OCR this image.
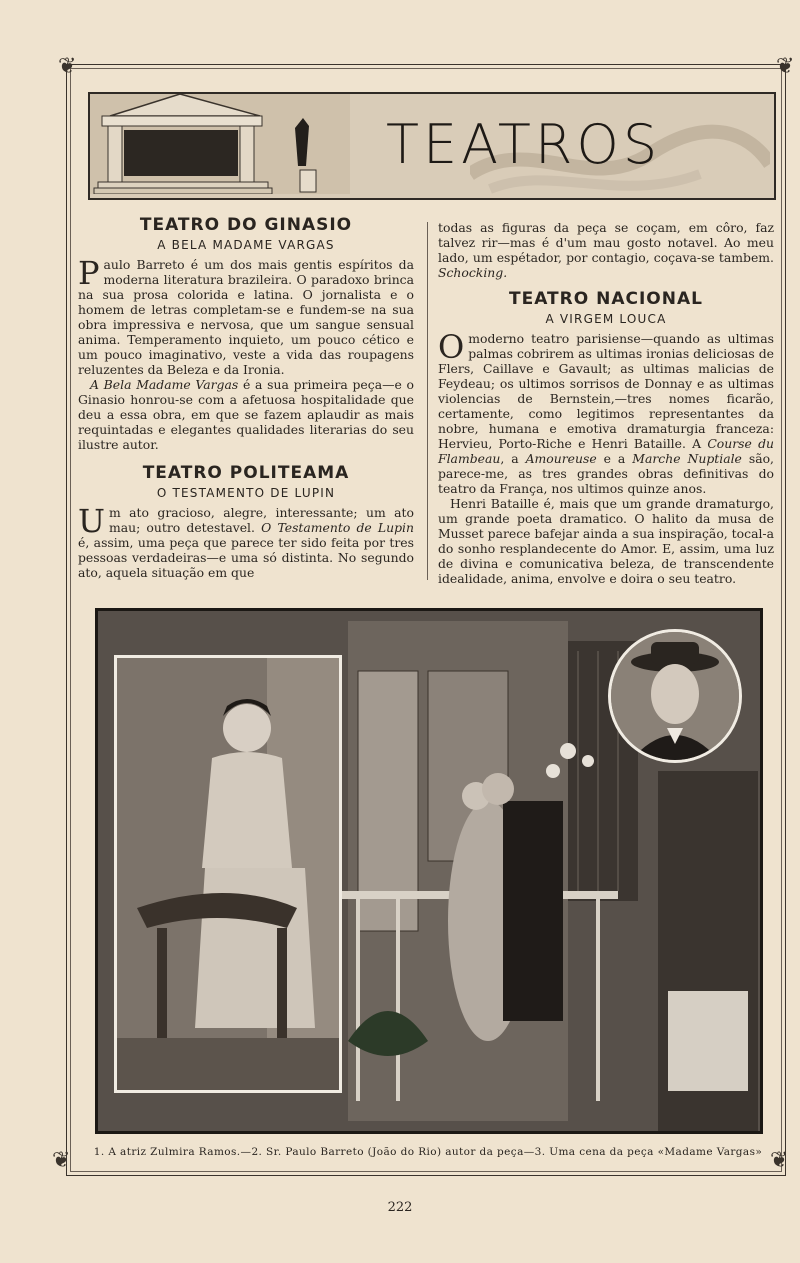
❦	❦
❦	❦
TEATROS
TEATRO DO GINASIO
A BELA MADAME VARGAS

Paulo Barreto é um dos mais gentis espíritos da moderna literatura brazileira. O paradoxo brinca na sua prosa colorida e latina. O jornalista e o homem de letras completam-se e fundem-se na sua obra impressiva e nervosa, que um sangue sensual anima. Temperamento inquieto, um pouco cético e um pouco imaginativo, veste a vida das roupagens reluzentes da Beleza e da Ironia.

A Bela Madame Vargas é a sua primeira peça—e o Ginasio honrou-se com a afetuosa hospitalidade que deu a essa obra, em que se fazem aplaudir as mais requintadas e elegantes qualidades literarias do seu ilustre autor.

TEATRO POLITEAMA
O TESTAMENTO DE LUPIN

Um ato gracioso, alegre, interessante; um ato mau; outro detestavel. O Testamento de Lupin é, assim, uma peça que parece ter sido feita por tres pessoas verdadeiras—e uma só distinta. No segundo ato, aquela situação em que

todas as figuras da peça se coçam, em côro, faz talvez rir—mas é d'um mau gosto notavel. Ao meu lado, um espétador, por contagio, coçava-se tambem. Schocking.

TEATRO NACIONAL
A VIRGEM LOUCA

O moderno teatro parisiense—quando as ultimas palmas cobrirem as ultimas ironias deliciosas de Flers, Caillave e Gavault; as ultimas malicias de Feydeau; os ultimos sorrisos de Donnay e as ultimas violencias de Bernstein,—tres nomes ficarão, certamente, como legitimos representantes da nobre, humana e emotiva dramaturgia franceza: Hervieu, Porto-Riche e Henri Bataille. A Course du Flambeau, a Amoureuse e a Marche Nuptiale são, parece-me, as tres grandes obras definitivas do teatro da França, nos ultimos quinze anos.

Henri Bataille é, mais que um grande dramaturgo, um grande poeta dramatico. O halito da musa de Musset parece bafejar ainda a sua inspiração, tocal-a do sonho resplandecente do Amor. E, assim, uma luz de divina e comunicativa beleza, de transcendente idealidade, anima, envolve e doira o seu teatro.

1. A atriz Zulmira Ramos.—2. Sr. Paulo Barreto (João do Rio) autor da peça—3. Uma cena da peça «Madame Vargas»
222
